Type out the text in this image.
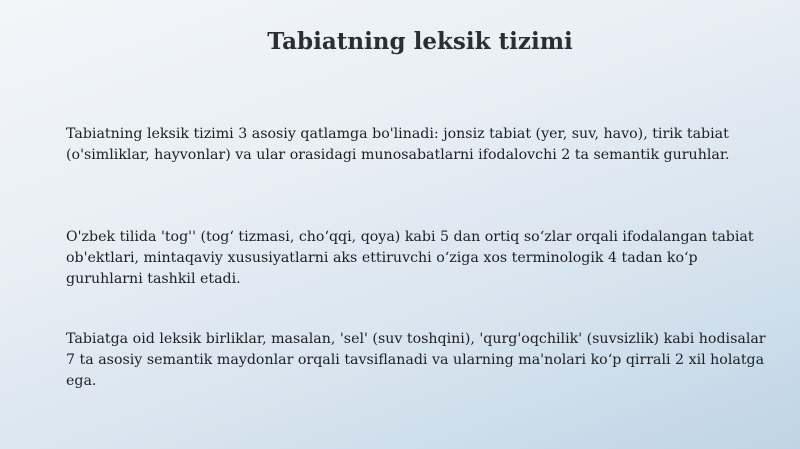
Tabiatning leksik tizimi

Tabiatning leksik tizimi 3 asosiy qatlamga bo'linadi: jonsiz tabiat (yer, suv, havo), tirik tabiat (o'simliklar, hayvonlar) va ular orasidagi munosabatlarni ifodalovchi 2 ta semantik guruhlar.

O'zbek tilida 'tog'' (tog‘ tizmasi, cho‘qqi, qoya) kabi 5 dan ortiq so‘zlar orqali ifodalangan tabiat ob'ektlari, mintaqaviy xususiyatlarni aks ettiruvchi o‘ziga xos terminologik 4 tadan ko‘p guruhlarni tashkil etadi.

Tabiatga oid leksik birliklar, masalan, 'sel' (suv toshqini), 'qurg'oqchilik' (suvsizlik) kabi hodisalar 7 ta asosiy semantik maydonlar orqali tavsiflanadi va ularning ma'nolari ko‘p qirrali 2 xil holatga ega.
